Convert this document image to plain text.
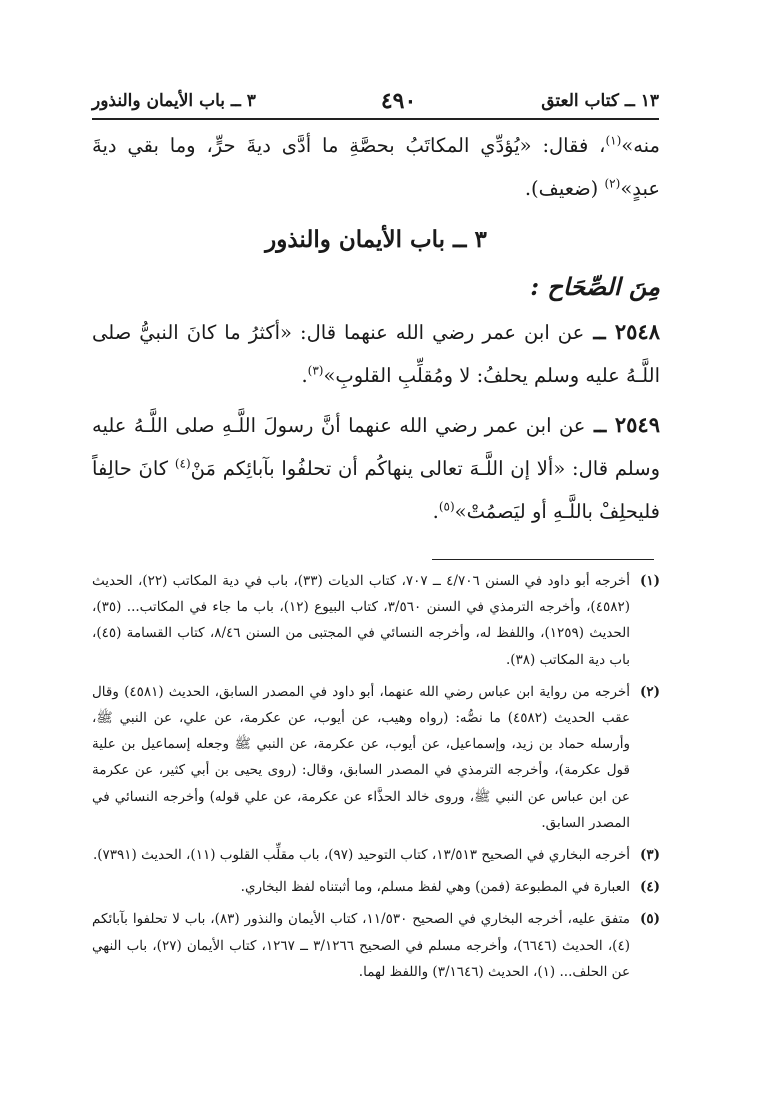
١٣ ــ كتاب العتق
٤٩٠
٣ ــ باب الأيمان والنذور
منه»$^{(١)}$، فقال: «يُؤدِّي المكاتَبُ بحصَّةِ ما أدَّى ديةَ حرٍّ، وما بقي ديةَ عبدٍ»$^{(٢)}$ (ضعيف).
٣ ــ باب الأيمان والنذور
مِنَ الصِّحَاح :
٢٥٤٨ ــ عن ابن عمر رضي الله عنهما قال: «أكثرُ ما كانَ النبيُّ صلى اللَّـهُ عليه وسلم يحلفُ: لا ومُقلِّبِ القلوبِ»$^{(٣)}$.
٢٥٤٩ ــ عن ابن عمر رضي الله عنهما أنَّ رسولَ اللَّـهِ صلى اللَّـهُ عليه وسلم قال: «ألا إن اللَّـهَ تعالى ينهاكُم أن تحلفُوا بآبائِكم مَنْ$^{(٤)}$ كانَ حالِفاً فليحلِفْ باللَّـهِ أو ليَصمُتْ»$^{(٥)}$.
(١)
أخرجه أبو داود في السنن ٤/٧٠٦ ــ ٧٠٧، كتاب الديات (٣٣)، باب في دية المكاتب (٢٢)، الحديث (٤٥٨٢)، وأخرجه الترمذي في السنن ٣/٥٦٠، كتاب البيوع (١٢)، باب ما جاء في المكاتب... (٣٥)، الحديث (١٢٥٩)، واللفظ له، وأخرجه النسائي في المجتبى من السنن ٨/٤٦، كتاب القسامة (٤٥)، باب دية المكاتب (٣٨).
(٢)
أخرجه من رواية ابن عباس رضي الله عنهما، أبو داود في المصدر السابق، الحديث (٤٥٨١) وقال عقب الحديث (٤٥٨٢) ما نصُّه: (رواه وهيب، عن أيوب، عن عكرمة، عن علي، عن النبي ﷺ، وأرسله حماد بن زيد، وإسماعيل، عن أيوب، عن عكرمة، عن النبي ﷺ وجعله إسماعيل بن علية قول عكرمة)، وأخرجه الترمذي في المصدر السابق، وقال: (روى يحيى بن أبي كثير، عن عكرمة عن ابن عباس عن النبي ﷺ، وروى خالد الحذَّاء عن عكرمة، عن علي قوله) وأخرجه النسائي في المصدر السابق.
(٣)
أخرجه البخاري في الصحيح ١٣/٥١٣، كتاب التوحيد (٩٧)، باب مقلِّب القلوب (١١)، الحديث (٧٣٩١).
(٤)
العبارة في المطبوعة (فمن) وهي لفظ مسلم، وما أثبتناه لفظ البخاري.
(٥)
متفق عليه، أخرجه البخاري في الصحيح ١١/٥٣٠، كتاب الأيمان والنذور (٨٣)، باب لا تحلفوا بآبائكم (٤)، الحديث (٦٦٤٦)، وأخرجه مسلم في الصحيح ٣/١٢٦٦ ــ ١٢٦٧، كتاب الأيمان (٢٧)، باب النهي عن الحلف... (١)، الحديث (٣/١٦٤٦) واللفظ لهما.
